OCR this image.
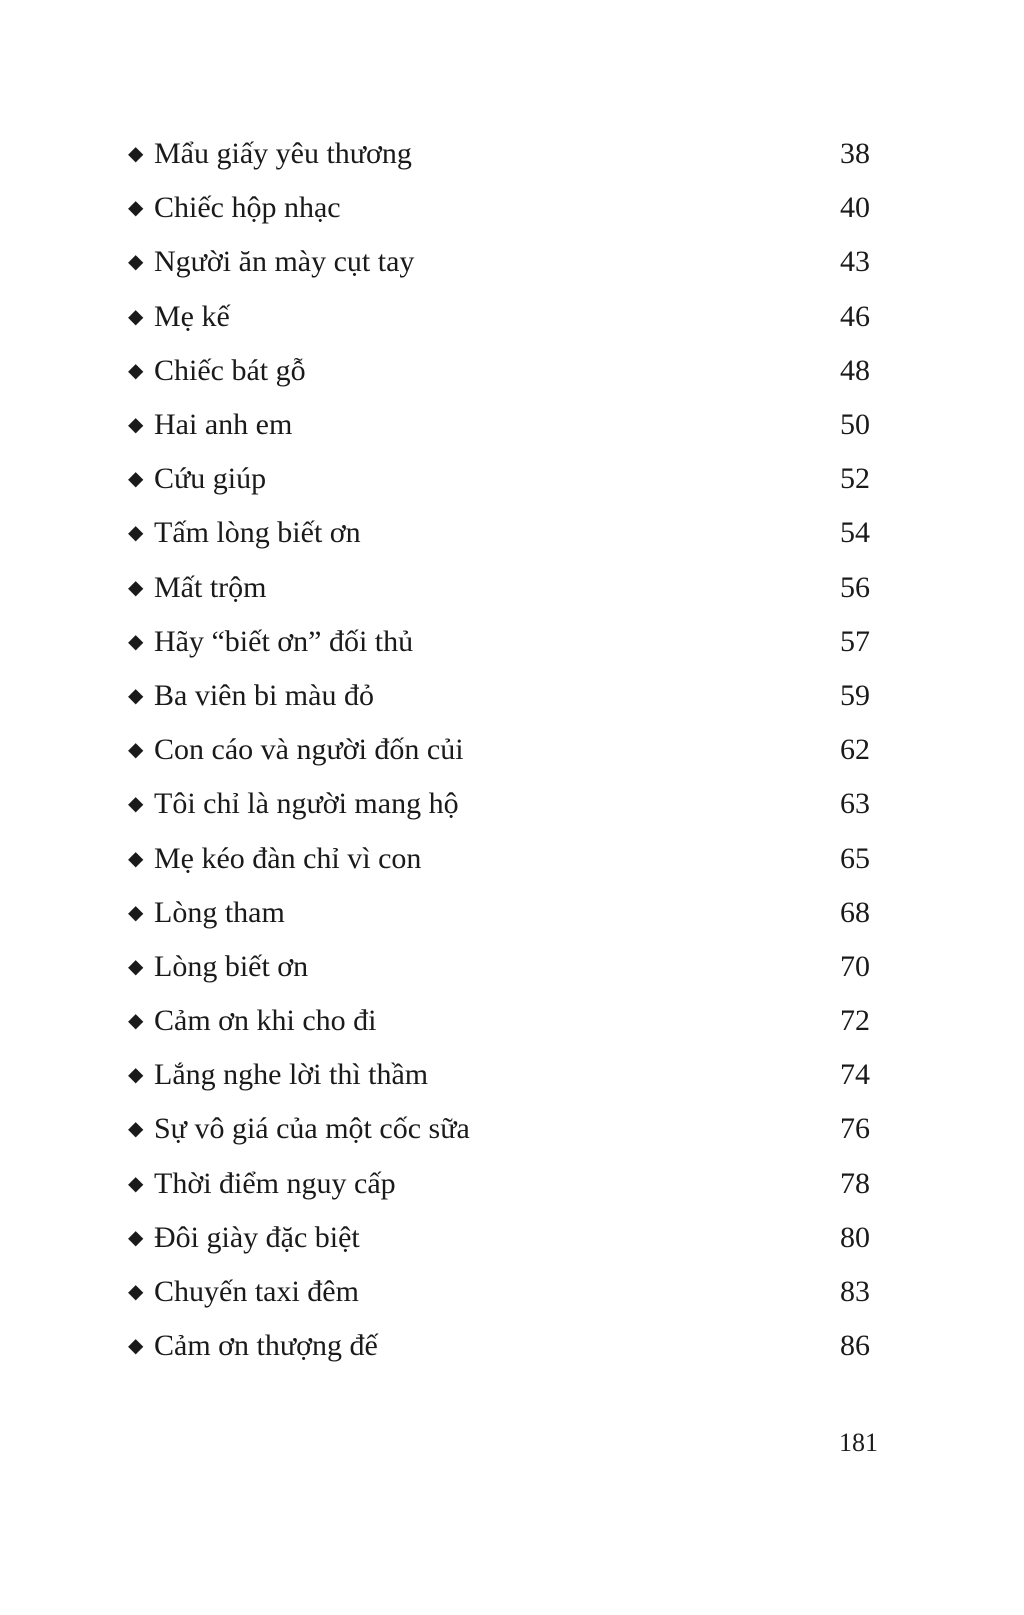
◆ Mẩu giấy yêu thương	38
◆ Chiếc hộp nhạc	40
◆ Người ăn mày cụt tay	43
◆ Mẹ kế	46
◆ Chiếc bát gỗ	48
◆ Hai anh em	50
◆ Cứu giúp	52
◆ Tấm lòng biết ơn	54
◆ Mất trộm	56
◆ Hãy “biết ơn” đối thủ	57
◆ Ba viên bi màu đỏ	59
◆ Con cáo và người đốn củi	62
◆ Tôi chỉ là người mang hộ	63
◆ Mẹ kéo đàn chỉ vì con	65
◆ Lòng tham	68
◆ Lòng biết ơn	70
◆ Cảm ơn khi cho đi	72
◆ Lắng nghe lời thì thầm	74
◆ Sự vô giá của một cốc sữa	76
◆ Thời điểm nguy cấp	78
◆ Đôi giày đặc biệt	80
◆ Chuyến taxi đêm	83
◆ Cảm ơn thượng đế	86
181
